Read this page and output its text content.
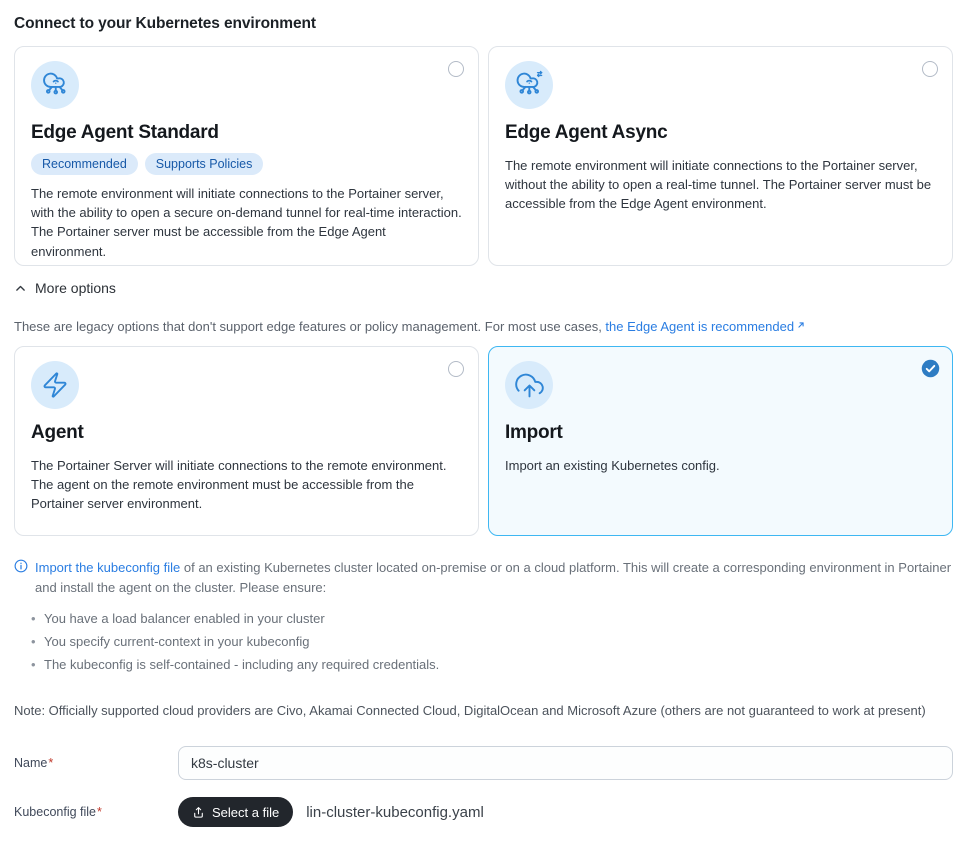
Connect to your Kubernetes environment
Edge Agent Standard
Recommended	Supports Policies
The remote environment will initiate connections to the Portainer server, with the ability to open a secure on-demand tunnel for real-time interaction. The Portainer server must be accessible from the Edge Agent environment.
Edge Agent Async
The remote environment will initiate connections to the Portainer server, without the ability to open a real-time tunnel. The Portainer server must be accessible from the Edge Agent environment.
More options

These are legacy options that don't support edge features or policy management. For most use cases, the Edge Agent is recommended

Agent
The Portainer Server will initiate connections to the remote environment. The agent on the remote environment must be accessible from the Portainer server environment.
Import
Import an existing Kubernetes config.

Import the kubeconfig file of an existing Kubernetes cluster located on-premise or on a cloud platform. This will create a corresponding environment in Portainer and install the agent on the cluster. Please ensure:

• You have a load balancer enabled in your cluster
• You specify current-context in your kubeconfig
• The kubeconfig is self-contained - including any required credentials.

Note: Officially supported cloud providers are Civo, Akamai Connected Cloud, DigitalOcean and Microsoft Azure (others are not guaranteed to work at present)

Name*
k8s-cluster
Kubeconfig file*	Select a file lin-cluster-kubeconfig.yaml
